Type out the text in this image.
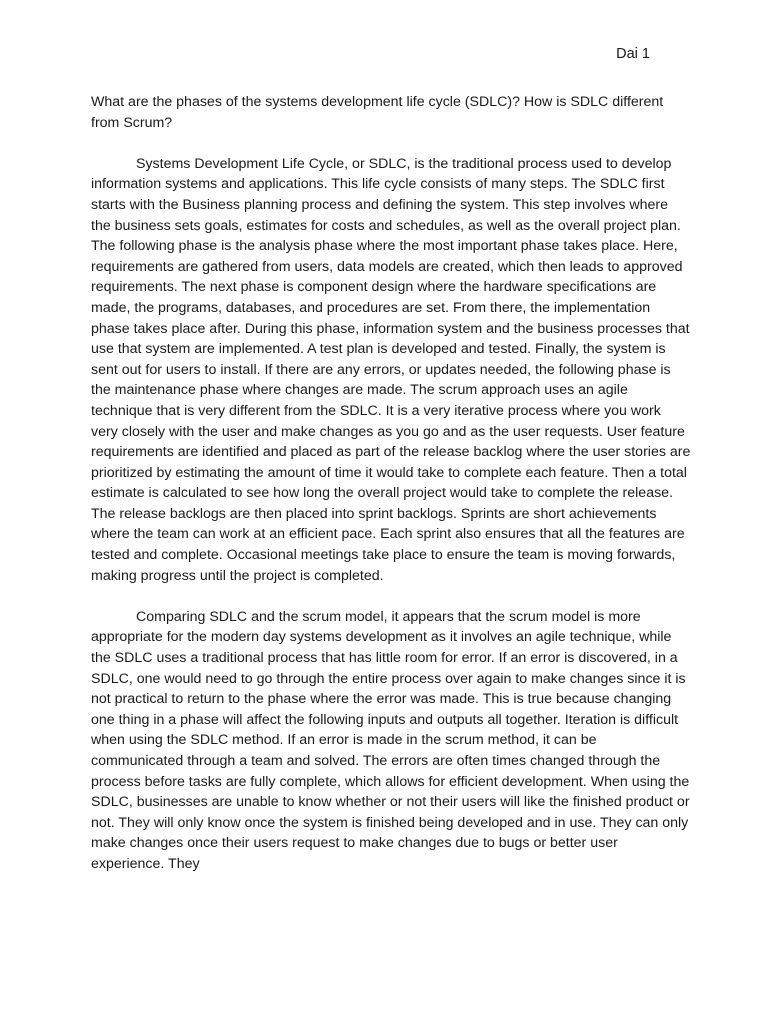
Dai 1

What are the phases of the systems development life cycle (SDLC)? How is SDLC different from Scrum?

Systems Development Life Cycle, or SDLC, is the traditional process used to develop information systems and applications. This life cycle consists of many steps. The SDLC first starts with the Business planning process and defining the system. This step involves where the business sets goals, estimates for costs and schedules, as well as the overall project plan. The following phase is the analysis phase where the most important phase takes place. Here, requirements are gathered from users, data models are created, which then leads to approved requirements. The next phase is component design where the hardware specifications are made, the programs, databases, and procedures are set. From there, the implementation phase takes place after. During this phase, information system and the business processes that use that system are implemented. A test plan is developed and tested. Finally, the system is sent out for users to install. If there are any errors, or updates needed, the following phase is the maintenance phase where changes are made. The scrum approach uses an agile technique that is very different from the SDLC. It is a very iterative process where you work very closely with the user and make changes as you go and as the user requests. User feature requirements are identified and placed as part of the release backlog where the user stories are prioritized by estimating the amount of time it would take to complete each feature. Then a total estimate is calculated to see how long the overall project would take to complete the release. The release backlogs are then placed into sprint backlogs. Sprints are short achievements where the team can work at an efficient pace. Each sprint also ensures that all the features are tested and complete. Occasional meetings take place to ensure the team is moving forwards, making progress until the project is completed.

Comparing SDLC and the scrum model, it appears that the scrum model is more appropriate for the modern day systems development as it involves an agile technique, while the SDLC uses a traditional process that has little room for error. If an error is discovered, in a SDLC, one would need to go through the entire process over again to make changes since it is not practical to return to the phase where the error was made. This is true because changing one thing in a phase will affect the following inputs and outputs all together. Iteration is difficult when using the SDLC method. If an error is made in the scrum method, it can be communicated through a team and solved. The errors are often times changed through the process before tasks are fully complete, which allows for efficient development. When using the SDLC, businesses are unable to know whether or not their users will like the finished product or not. They will only know once the system is finished being developed and in use. They can only make changes once their users request to make changes due to bugs or better user experience. They
